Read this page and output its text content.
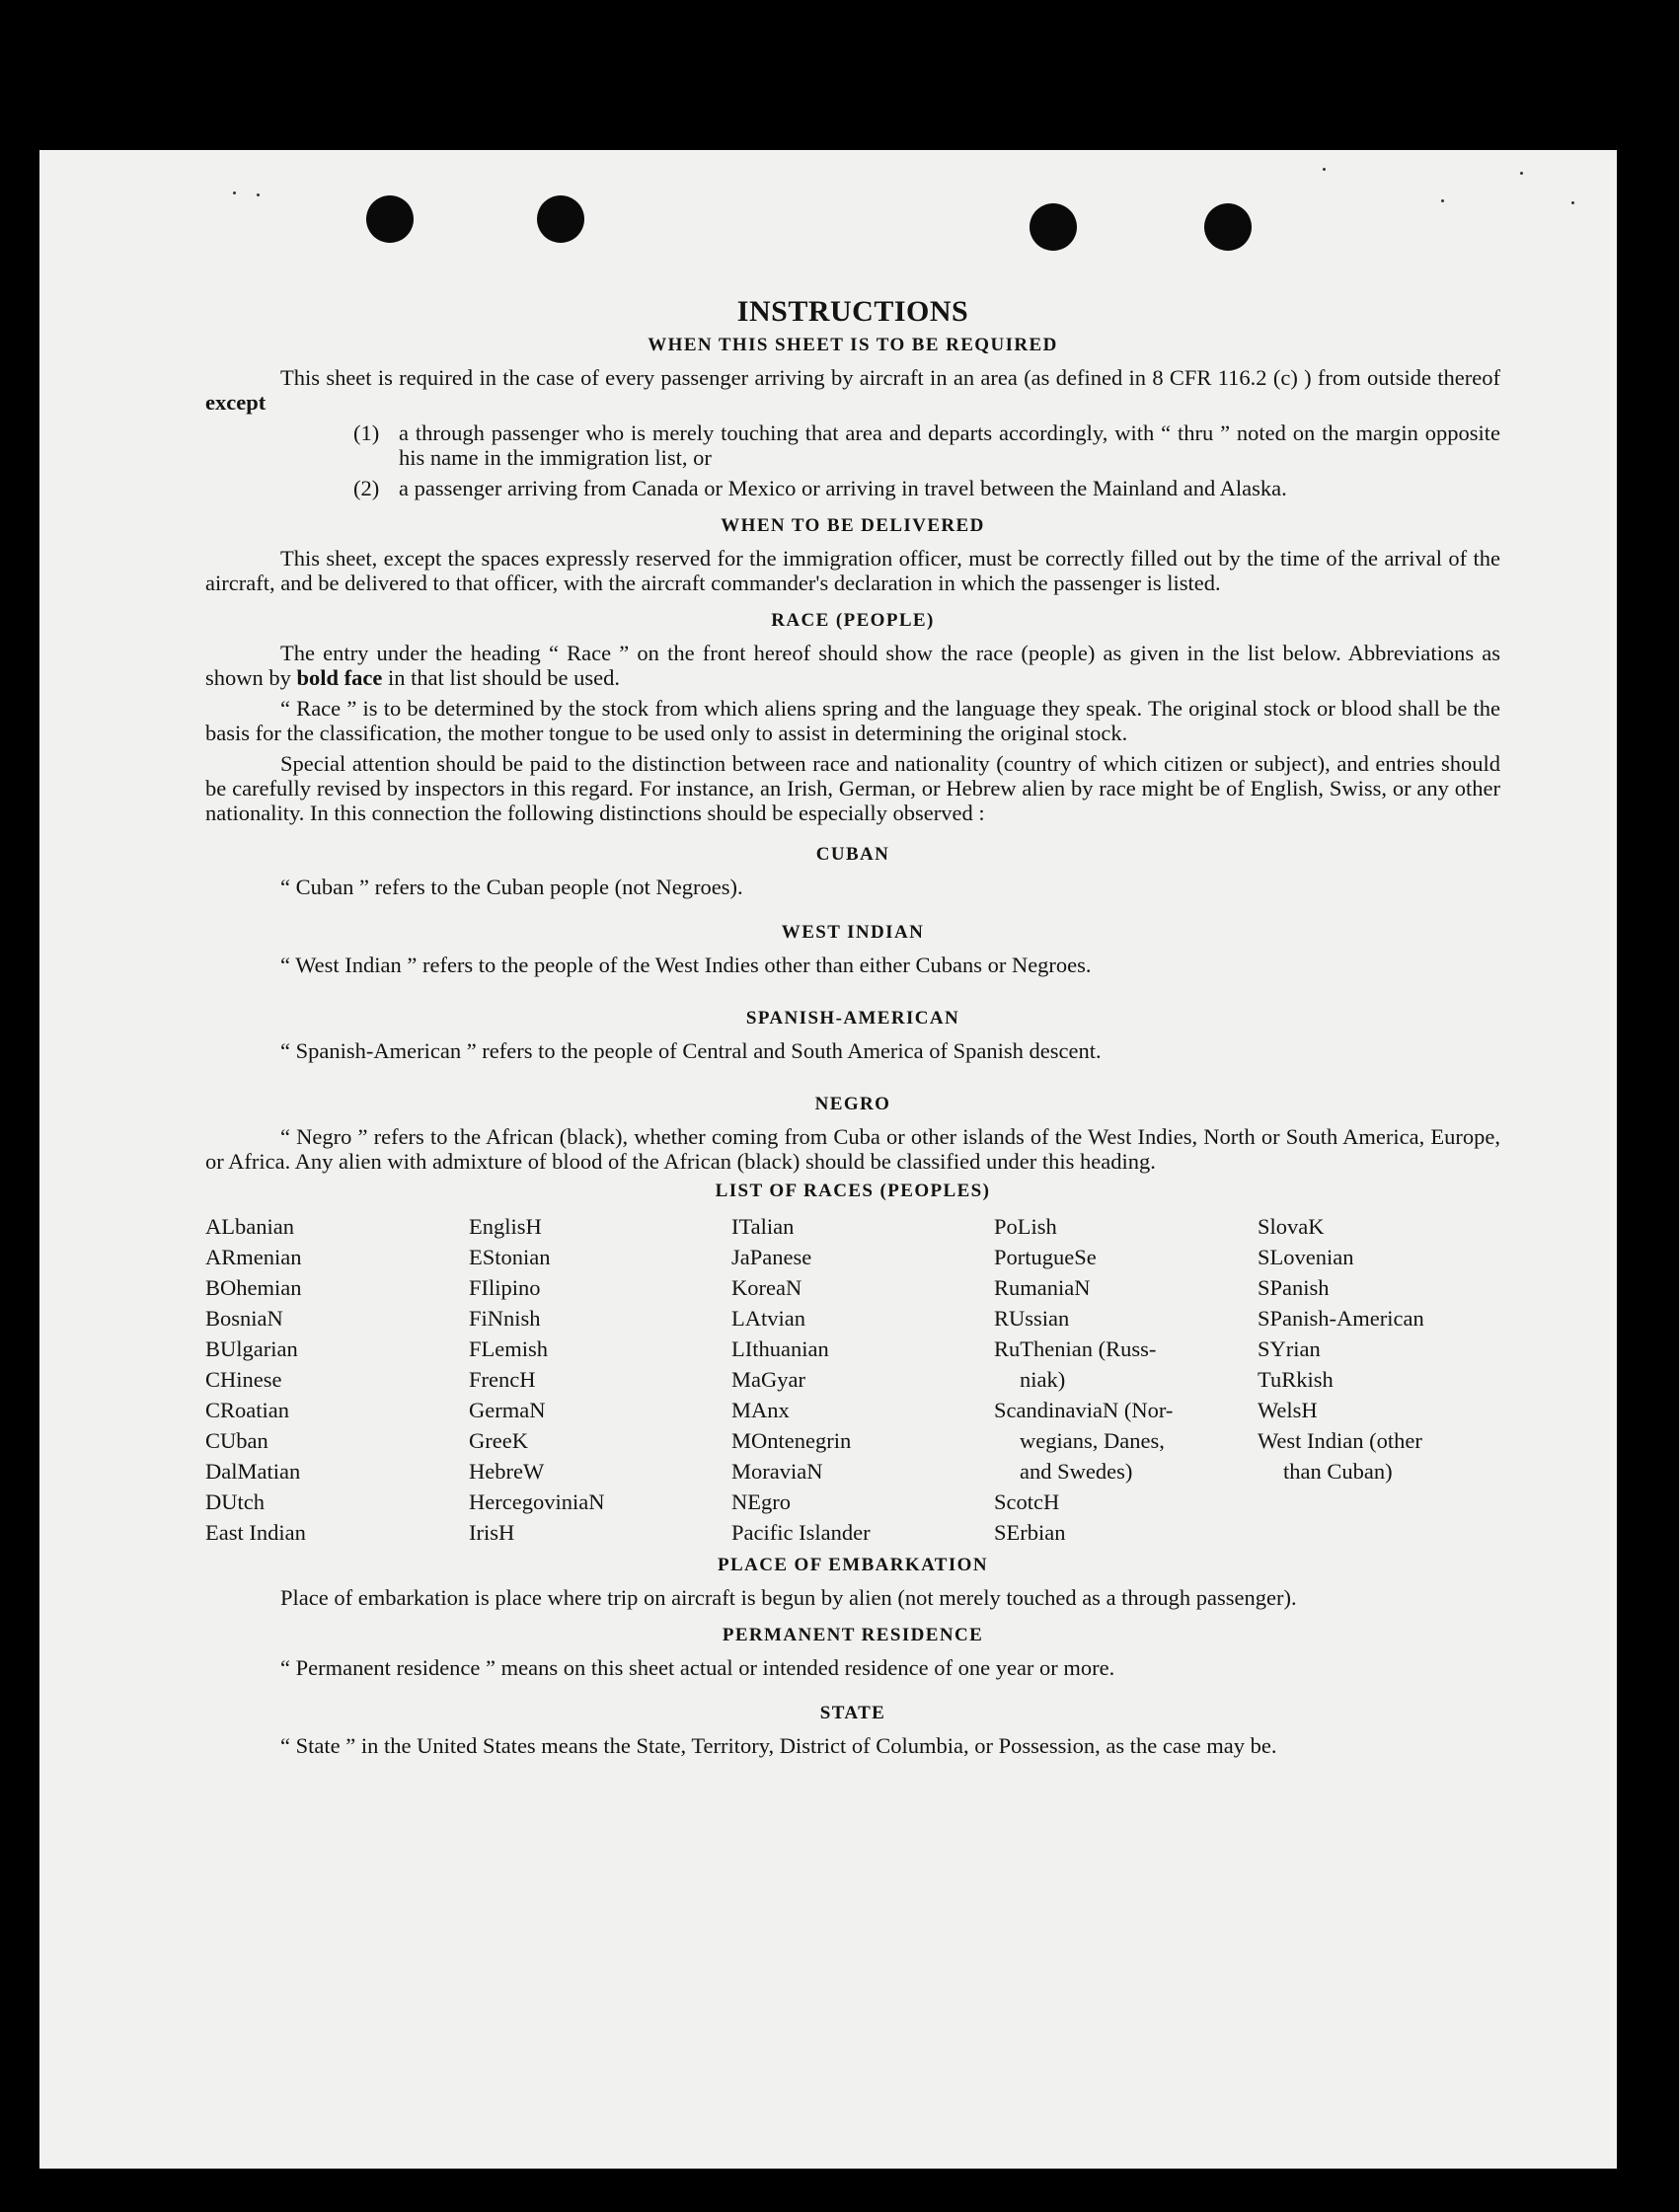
INSTRUCTIONS
WHEN THIS SHEET IS TO BE REQUIRED

This sheet is required in the case of every passenger arriving by aircraft in an area (as defined in 8 CFR 116.2 (c) ) from outside thereof except

(1) a through passenger who is merely touching that area and departs accordingly, with “ thru ” noted on the margin opposite his name in the immigration list, or
(2) a passenger arriving from Canada or Mexico or arriving in travel between the Mainland and Alaska.
WHEN TO BE DELIVERED

This sheet, except the spaces expressly reserved for the immigration officer, must be correctly filled out by the time of the arrival of the aircraft, and be delivered to that officer, with the aircraft commander's declaration in which the passenger is listed.

RACE (PEOPLE)

The entry under the heading “ Race ” on the front hereof should show the race (people) as given in the list below. Abbreviations as shown by bold face in that list should be used.

“ Race ” is to be determined by the stock from which aliens spring and the language they speak. The original stock or blood shall be the basis for the classification, the mother tongue to be used only to assist in determining the original stock.

Special attention should be paid to the distinction between race and nationality (country of which citizen or subject), and entries should be carefully revised by inspectors in this regard. For instance, an Irish, German, or Hebrew alien by race might be of English, Swiss, or any other nationality. In this connection the following distinctions should be especially observed :

CUBAN

“ Cuban ” refers to the Cuban people (not Negroes).

WEST INDIAN

“ West Indian ” refers to the people of the West Indies other than either Cubans or Negroes.

SPANISH-AMERICAN

“ Spanish-American ” refers to the people of Central and South America of Spanish descent.

NEGRO

“ Negro ” refers to the African (black), whether coming from Cuba or other islands of the West Indies, North or South America, Europe, or Africa. Any alien with admixture of blood of the African (black) should be classified under this heading.

LIST OF RACES (PEOPLES)
ALbanian
ARmenian
BOhemian
BosniaN
BUlgarian
CHinese
CRoatian
CUban
DalMatian
DUtch
East Indian
EnglisH
EStonian
FIlipino
FiNnish
FLemish
FrencH
GermaN
GreeK
HebreW
HercegoviniaN
IrisH
ITalian
JaPanese
KoreaN
LAtvian
LIthuanian
MaGyar
MAnx
MOntenegrin
MoraviaN
NEgro
Pacific Islander
PoLish
PortugueSe
RumaniaN
RUssian
RuThenian (Russ-
niak)
ScandinaviaN (Nor-
wegians, Danes,
and Swedes)
ScotcH
SErbian
SlovaK
SLovenian
SPanish
SPanish-American
SYrian
TuRkish
WelsH
West Indian (other
than Cuban)
PLACE OF EMBARKATION

Place of embarkation is place where trip on aircraft is begun by alien (not merely touched as a through passenger).

PERMANENT RESIDENCE

“ Permanent residence ” means on this sheet actual or intended residence of one year or more.

STATE

“ State ” in the United States means the State, Territory, District of Columbia, or Possession, as the case may be.
